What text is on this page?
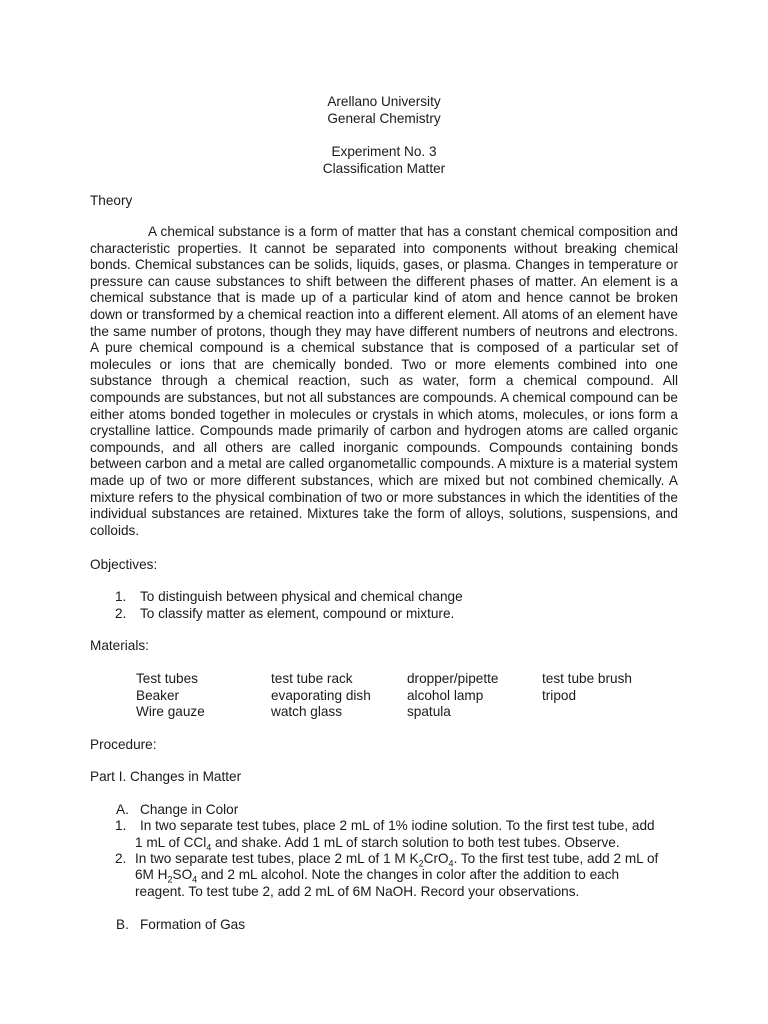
Arellano University
General Chemistry
Experiment No. 3
Classification Matter
Theory

A chemical substance is a form of matter that has a constant chemical composition and characteristic properties. It cannot be separated into components without breaking chemical bonds. Chemical substances can be solids, liquids, gases, or plasma. Changes in temperature or pressure can cause substances to shift between the different phases of matter. An element is a chemical substance that is made up of a particular kind of atom and hence cannot be broken down or transformed by a chemical reaction into a different element. All atoms of an element have the same number of protons, though they may have different numbers of neutrons and electrons. A pure chemical compound is a chemical substance that is composed of a particular set of molecules or ions that are chemically bonded. Two or more elements combined into one substance through a chemical reaction, such as water, form a chemical compound. All compounds are substances, but not all substances are compounds. A chemical compound can be either atoms bonded together in molecules or crystals in which atoms, molecules, or ions form a crystalline lattice. Compounds made primarily of carbon and hydrogen atoms are called organic compounds, and all others are called inorganic compounds. Compounds containing bonds between carbon and a metal are called organometallic compounds. A mixture is a material system made up of two or more different substances, which are mixed but not combined chemically. A mixture refers to the physical combination of two or more substances in which the identities of the individual substances are retained. Mixtures take the form of alloys, solutions, suspensions, and colloids.

Objectives:
1. To distinguish between physical and chemical change
2. To classify matter as element, compound or mixture.
Materials:
Test tubes	test tube rack	dropper/pipette	test tube brush
Beaker	evaporating dish	alcohol lamp	tripod
Wire gauze	watch glass	spatula
Procedure:
Part I. Changes in Matter
A. Change in Color
1. In two separate test tubes, place 2 mL of 1% iodine solution. To the first test tube, add
1 mL of CCl$_4$ and shake. Add 1 mL of starch solution to both test tubes. Observe.
2. In two separate test tubes, place 2 mL of 1 M $K_2CrO_4$. To the first test tube, add 2 mL of
6M $H_2SO_4$ and 2 mL alcohol. Note the changes in color after the addition to each
reagent. To test tube 2, add 2 mL of 6M NaOH. Record your observations.
B. Formation of Gas
